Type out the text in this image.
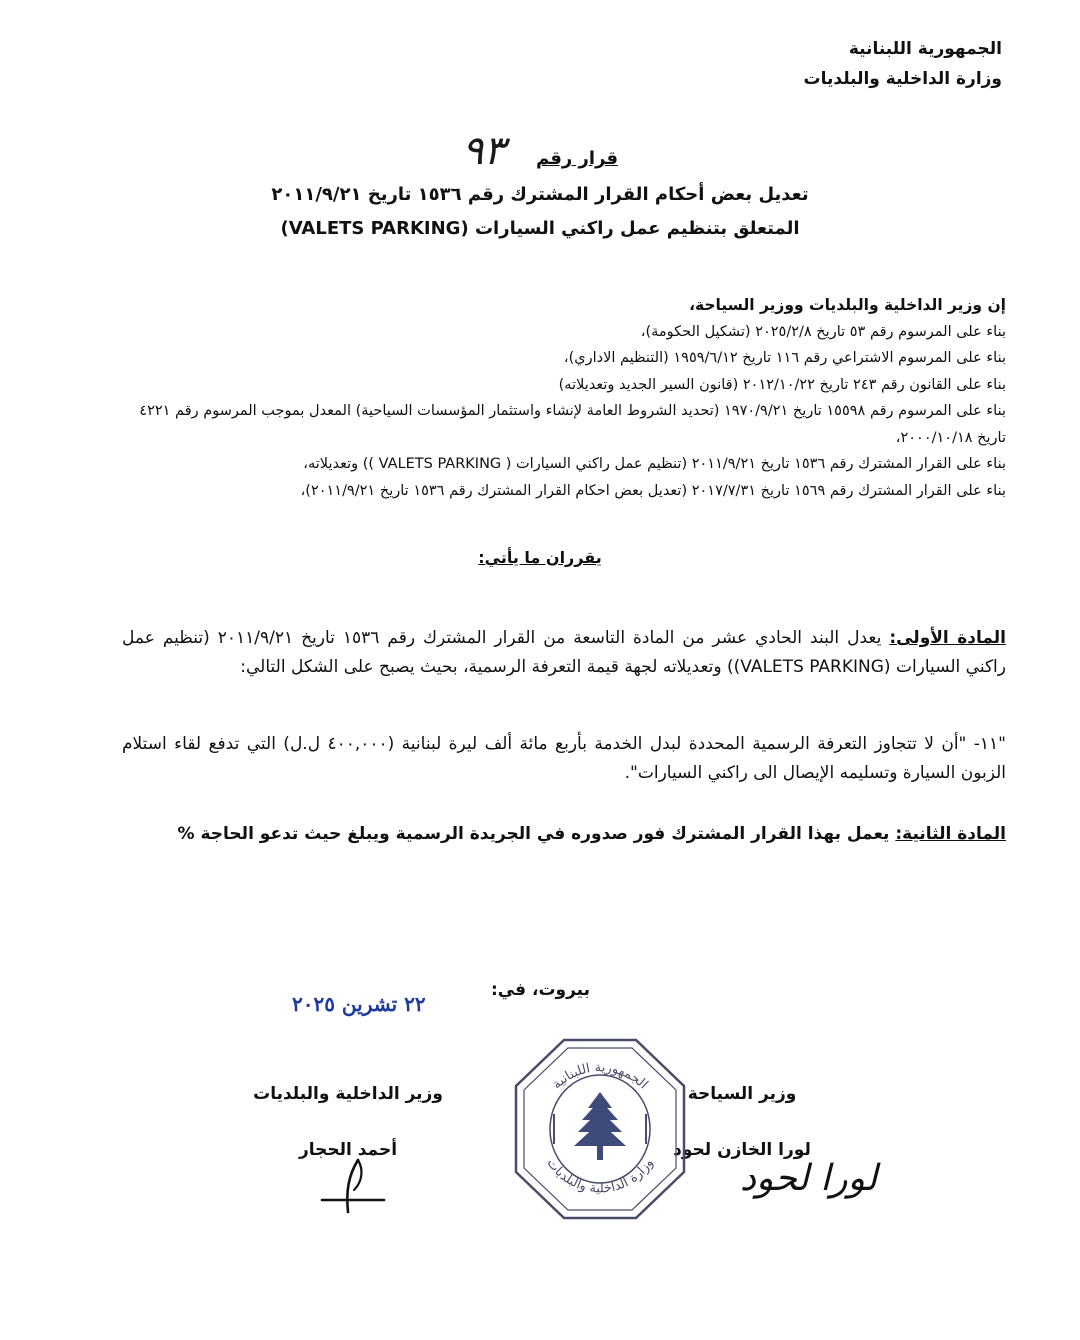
الجمهورية اللبنانية
وزارة الداخلية والبلديات
قرار رقم ٩٣
تعديل بعض أحكام القرار المشترك رقم ١٥٣٦ تاريخ ٢٠١١/٩/٢١
المتعلق بتنظيم عمل راكني السيارات (VALETS PARKING)
إن وزير الداخلية والبلديات ووزير السياحة،
بناء على المرسوم رقم ٥٣ تاريخ ٢٠٢٥/٢/٨ (تشكيل الحكومة)،
بناء على المرسوم الاشتراعي رقم ١١٦ تاريخ ١٩٥٩/٦/١٢ (التنظيم الاداري)،
بناء على القانون رقم ٢٤٣ تاريخ ٢٠١٢/١٠/٢٢ (قانون السير الجديد وتعديلاته)
بناء على المرسوم رقم ١٥٥٩٨ تاريخ ١٩٧٠/٩/٢١ (تحديد الشروط العامة لإنشاء واستثمار المؤسسات السياحية) المعدل بموجب المرسوم رقم ٤٢٢١ تاريخ ٢٠٠٠/١٠/١٨،
بناء على القرار المشترك رقم ١٥٣٦ تاريخ ٢٠١١/٩/٢١ (تنظيم عمل راكني السيارات ( VALETS PARKING )) وتعديلاته،
بناء على القرار المشترك رقم ١٥٦٩ تاريخ ٢٠١٧/٧/٣١ (تعديل بعض احكام القرار المشترك رقم ١٥٣٦ تاريخ ٢٠١١/٩/٢١)،
يقرران ما يأتي:
المادة الأولى: يعدل البند الحادي عشر من المادة التاسعة من القرار المشترك رقم ١٥٣٦ تاريخ ٢٠١١/٩/٢١ (تنظيم عمل راكني السيارات (VALETS PARKING)) وتعديلاته لجهة قيمة التعرفة الرسمية، بحيث يصبح على الشكل التالي:
"١١- "أن لا تتجاوز التعرفة الرسمية المحددة لبدل الخدمة بأربع مائة ألف ليرة لبنانية (٤٠٠,٠٠٠ ل.ل) التي تدفع لقاء استلام الزبون السيارة وتسليمه الإيصال الى راكني السيارات".
المادة الثانية: يعمل بهذا القرار المشترك فور صدوره في الجريدة الرسمية ويبلغ حيث تدعو الحاجة %
بيروت، في:
٢٢ تشرين ٢٠٢٥
وزير السياحة
لورا الخازن لحود
وزير الداخلية والبلديات
أحمد الحجار
الجمهورية اللبنانية
وزارة الداخلية والبلديات لورا لحود
